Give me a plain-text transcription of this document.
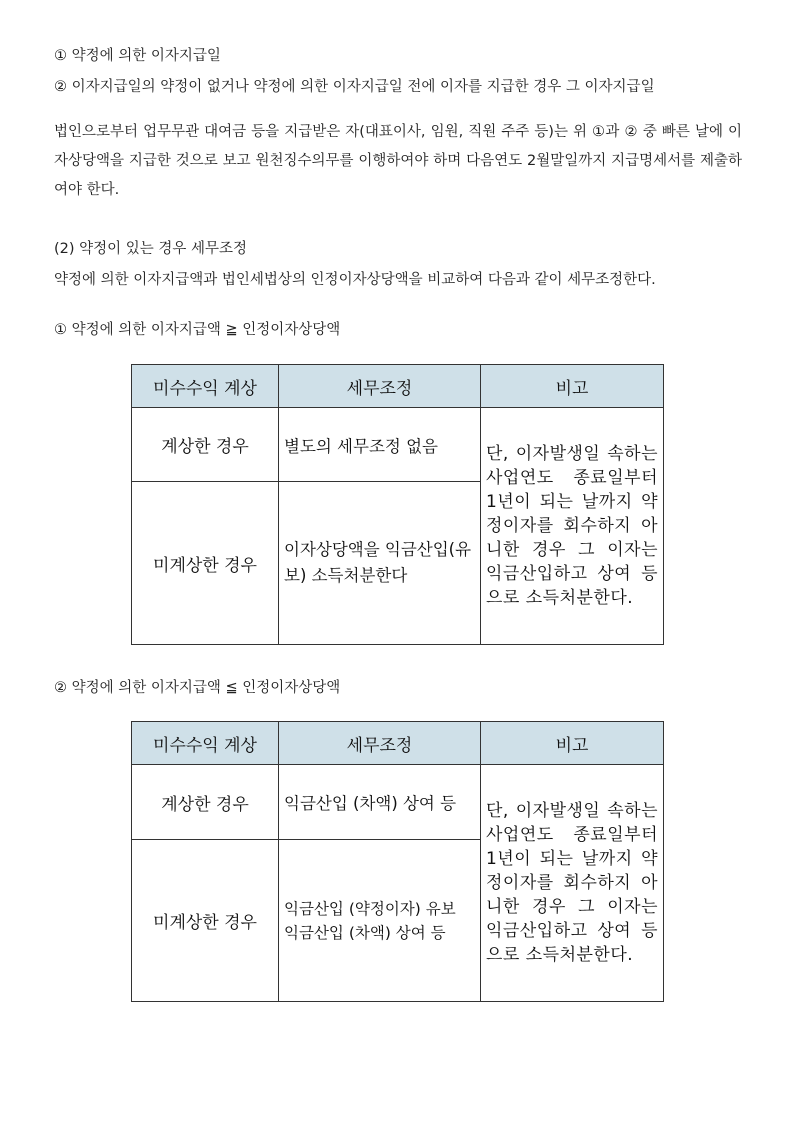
① 약정에 의한 이자지급일
② 이자지급일의 약정이 없거나 약정에 의한 이자지급일 전에 이자를 지급한 경우 그 이자지급일
법인으로부터 업무무관 대여금 등을 지급받은 자(대표이사, 임원, 직원 주주 등)는 위 ①과 ② 중 빠른 날에 이자상당액을 지급한 것으로 보고 원천징수의무를 이행하여야 하며 다음연도 2월말일까지 지급명세서를 제출하여야 한다.
(2) 약정이 있는 경우 세무조정
약정에 의한 이자지급액과 법인세법상의 인정이자상당액을 비교하여 다음과 같이 세무조정한다.
① 약정에 의한 이자지급액 ≧ 인정이자상당액
미수수익 계상	세무조정	비고
계상한 경우	별도의 세무조정 없음	단, 이자발생일 속하는 사업연도 종료일부터 1년이 되는 날까지 약정이자를 회수하지 아니한 경우 그 이자는 익금산입하고 상여 등으로 소득처분한다.
미계상한 경우	이자상당액을 익금산입(유보) 소득처분한다	
② 약정에 의한 이자지급액 ≦ 인정이자상당액
미수수익 계상	세무조정	비고
계상한 경우	익금산입 (차액) 상여 등	단, 이자발생일 속하는 사업연도 종료일부터 1년이 되는 날까지 약정이자를 회수하지 아니한 경우 그 이자는 익금산입하고 상여 등으로 소득처분한다.
미계상한 경우	익금산입 (약정이자) 유보
익금산입 (차액) 상여 등	
